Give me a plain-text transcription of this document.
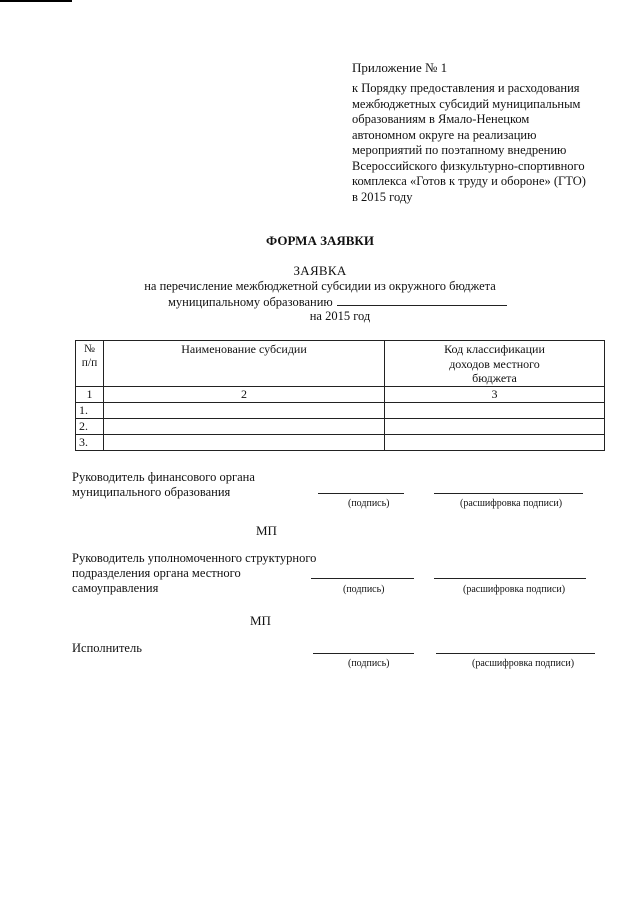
Приложение № 1
к Порядку предоставления и расходования
межбюджетных субсидий муниципальным
образованиям в Ямало-Ненецком
автономном округе на реализацию
мероприятий по поэтапному внедрению
Всероссийского физкультурно-спортивного
комплекса «Готов к труду и обороне» (ГТО)
в 2015 году
ФОРМА ЗАЯВКИ
ЗАЯВКА
на перечисление межбюджетной субсидии из окружного бюджета
муниципальному образованию
на 2015 год
№ п/п	Наименование субсидии	Код классификации доходов местного бюджета
1	2	3
1.		
2.		
3.		
Руководитель финансового органа
муниципального образования
(подпись)	(расшифровка подписи)
МП
Руководитель уполномоченного структурного
подразделения органа местного
самоуправления	(подпись)	(расшифровка подписи)
МП
Исполнитель
(подпись)	(расшифровка подписи)
